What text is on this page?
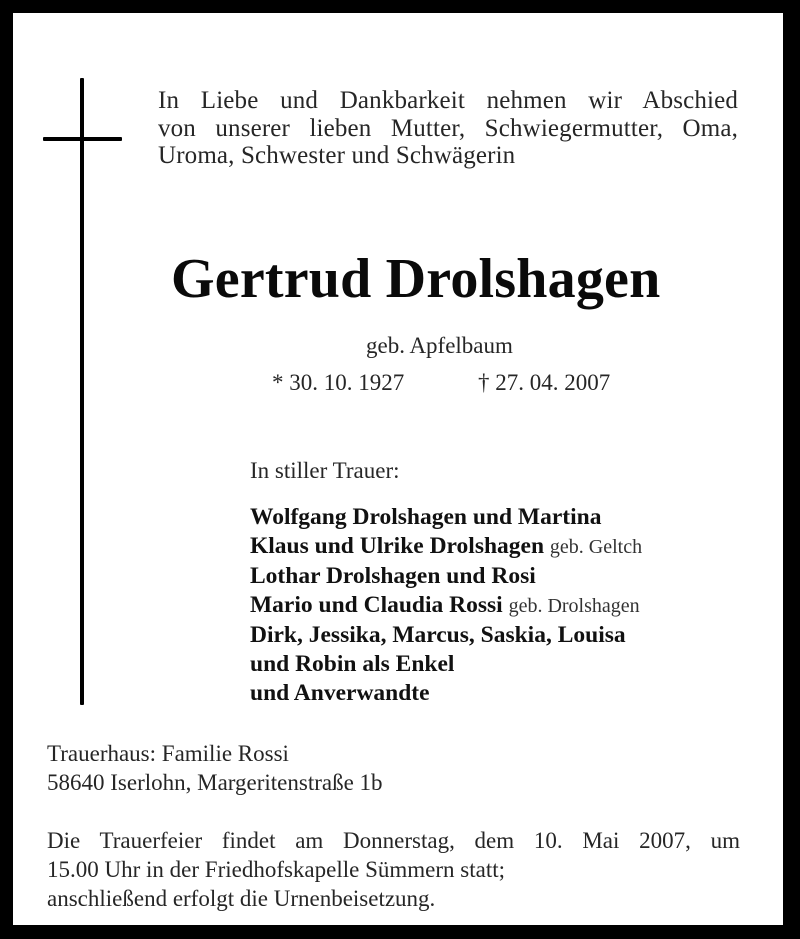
In Liebe und Dankbarkeit nehmen wir Abschied
von unserer lieben Mutter, Schwiegermutter, Oma,
Uroma, Schwester und Schwägerin
Gertrud Drolshagen
geb. Apfelbaum
* 30. 10. 1927	† 27. 04. 2007
In stiller Trauer:
Wolfgang Drolshagen und Martina
Klaus und Ulrike Drolshagen geb. Geltch
Lothar Drolshagen und Rosi
Mario und Claudia Rossi geb. Drolshagen
Dirk, Jessika, Marcus, Saskia, Louisa
und Robin als Enkel
und Anverwandte
Trauerhaus: Familie Rossi
58640 Iserlohn, Margeritenstraße 1b
Die Trauerfeier findet am Donnerstag, dem 10. Mai 2007, um
15.00 Uhr in der Friedhofskapelle Sümmern statt;
anschließend erfolgt die Urnenbeisetzung.
